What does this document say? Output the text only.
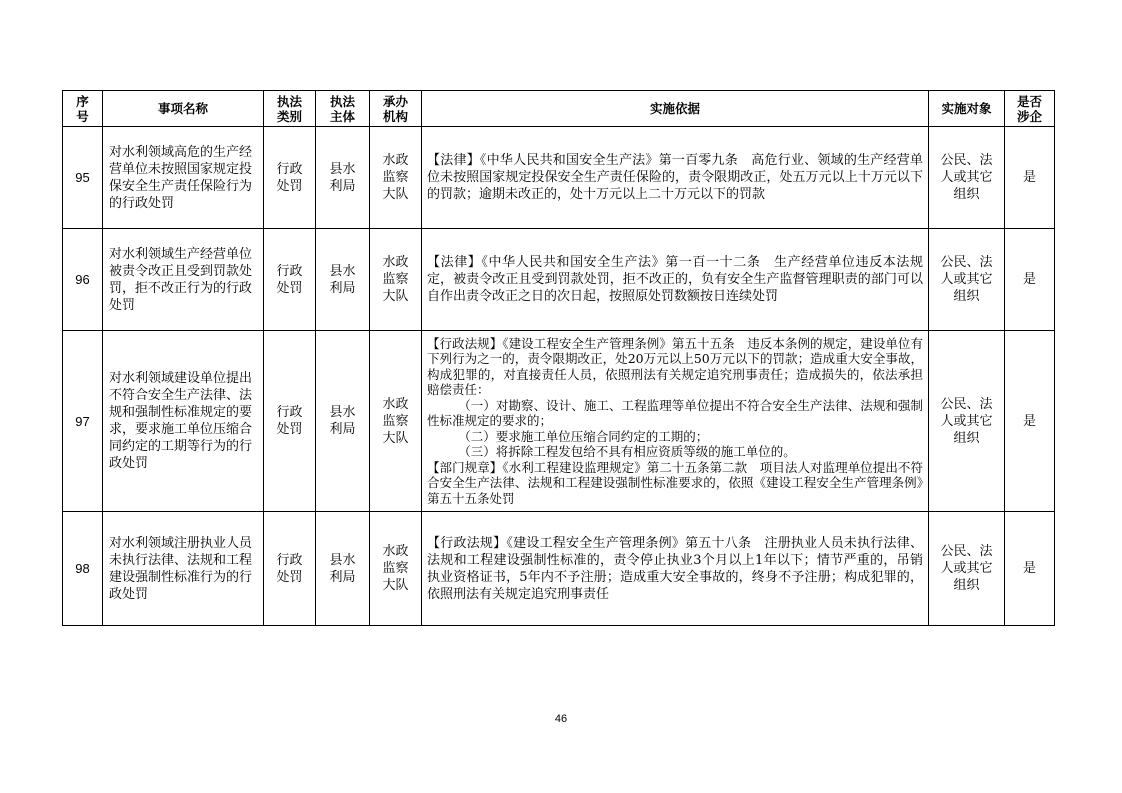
序号	事项名称	执法类别	执法主体	承办机构	实施依据	实施对象	是否涉企
95	对水利领域高危的生产经营单位未按照国家规定投保安全生产责任保险行为的行政处罚	行政处罚	县水利局	水政监察大队	【法律】《中华人民共和国安全生产法》第一百零九条　高危行业、领域的生产经营单位未按照国家规定投保安全生产责任保险的，责令限期改正，处五万元以上十万元以下的罚款；逾期未改正的，处十万元以上二十万元以下的罚款	公民、法人或其它组织	是
96	对水利领域生产经营单位被责令改正且受到罚款处罚，拒不改正行为的行政处罚	行政处罚	县水利局	水政监察大队	【法律】《中华人民共和国安全生产法》第一百一十二条　生产经营单位违反本法规定，被责令改正且受到罚款处罚，拒不改正的，负有安全生产监督管理职责的部门可以自作出责令改正之日的次日起，按照原处罚数额按日连续处罚	公民、法人或其它组织	是
97	对水利领域建设单位提出不符合安全生产法律、法规和强制性标准规定的要求，要求施工单位压缩合同约定的工期等行为的行政处罚	行政处罚	县水利局	水政监察大队	【行政法规】《建设工程安全生产管理条例》第五十五条　违反本条例的规定，建设单位有下列行为之一的，责令限期改正，处20万元以上50万元以下的罚款；造成重大安全事故，构成犯罪的，对直接责任人员，依照刑法有关规定追究刑事责任；造成损失的，依法承担赔偿责任：
（一）对勘察、设计、施工、工程监理等单位提出不符合安全生产法律、法规和强制性标准规定的要求的；
（二）要求施工单位压缩合同约定的工期的；
（三）将拆除工程发包给不具有相应资质等级的施工单位的。
【部门规章】《水利工程建设监理规定》第二十五条第二款　项目法人对监理单位提出不符合安全生产法律、法规和工程建设强制性标准要求的，依照《建设工程安全生产管理条例》第五十五条处罚	公民、法人或其它组织	是
98	对水利领域注册执业人员未执行法律、法规和工程建设强制性标准行为的行政处罚	行政处罚	县水利局	水政监察大队	【行政法规】《建设工程安全生产管理条例》第五十八条　注册执业人员未执行法律、法规和工程建设强制性标准的，责令停止执业3个月以上1年以下；情节严重的，吊销执业资格证书，5年内不予注册；造成重大安全事故的，终身不予注册；构成犯罪的，依照刑法有关规定追究刑事责任	公民、法人或其它组织	是
46
